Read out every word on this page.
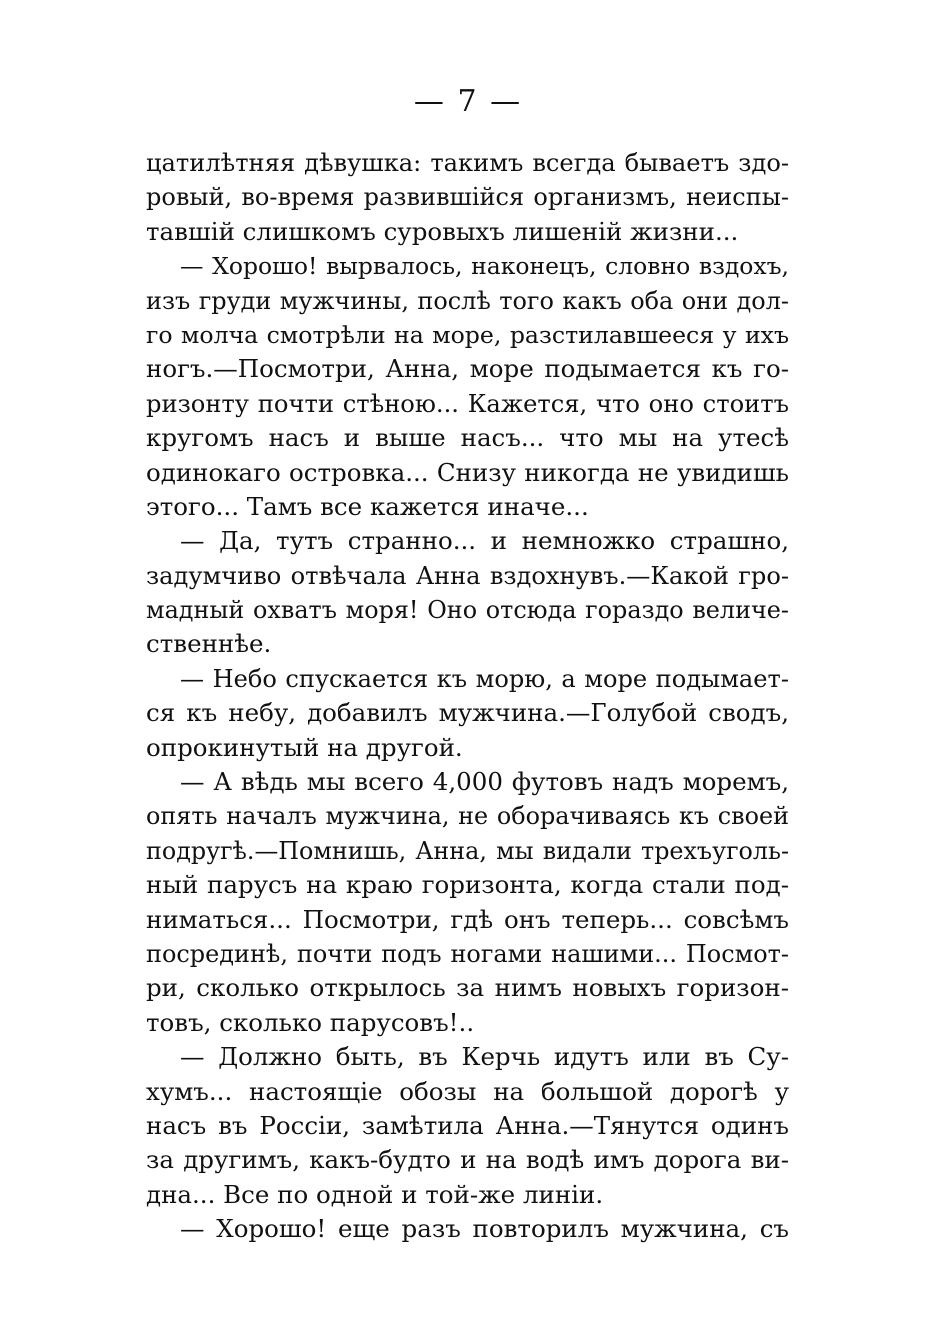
— 7 —
цатилѣтняя дѣвушка: такимъ всегда бываетъ здо-
ровый, во-время развившійся организмъ, неиспы-
тавшій слишкомъ суровыхъ лишеній жизни...
— Хорошо! вырвалось, наконецъ, словно вздохъ,
изъ груди мужчины, послѣ того какъ оба они дол-
го молча смотрѣли на море, разстилавшееся у ихъ
ногъ.—Посмотри, Анна, море подымается къ го-
ризонту почти стѣною... Кажется, что оно стоитъ
кругомъ насъ и выше насъ... что мы на утесѣ
одинокаго островка... Снизу никогда не увидишь
этого... Тамъ все кажется иначе...
— Да, тутъ странно... и немножко страшно,
задумчиво отвѣчала Анна вздохнувъ.—Какой гро-
мадный охватъ моря! Оно отсюда гораздо величе-
ственнѣе.
— Небо спускается къ морю, а море подымает-
ся къ небу, добавилъ мужчина.—Голубой сводъ,
опрокинутый на другой.
— А вѣдь мы всего 4,000 футовъ надъ моремъ,
опять началъ мужчина, не оборачиваясь къ своей
подругѣ.—Помнишь, Анна, мы видали трехъуголь-
ный парусъ на краю горизонта, когда стали под-
ниматься... Посмотри, гдѣ онъ теперь... совсѣмъ
посрединѣ, почти подъ ногами нашими... Посмот-
ри, сколько открылось за нимъ новыхъ горизон-
товъ, сколько парусовъ!..
— Должно быть, въ Керчь идутъ или въ Су-
хумъ... настоящіе обозы на большой дорогѣ у
насъ въ Россіи, замѣтила Анна.—Тянутся одинъ
за другимъ, какъ-будто и на водѣ имъ дорога ви-
дна... Все по одной и той-же линіи.
— Хорошо! еще разъ повторилъ мужчина, съ
